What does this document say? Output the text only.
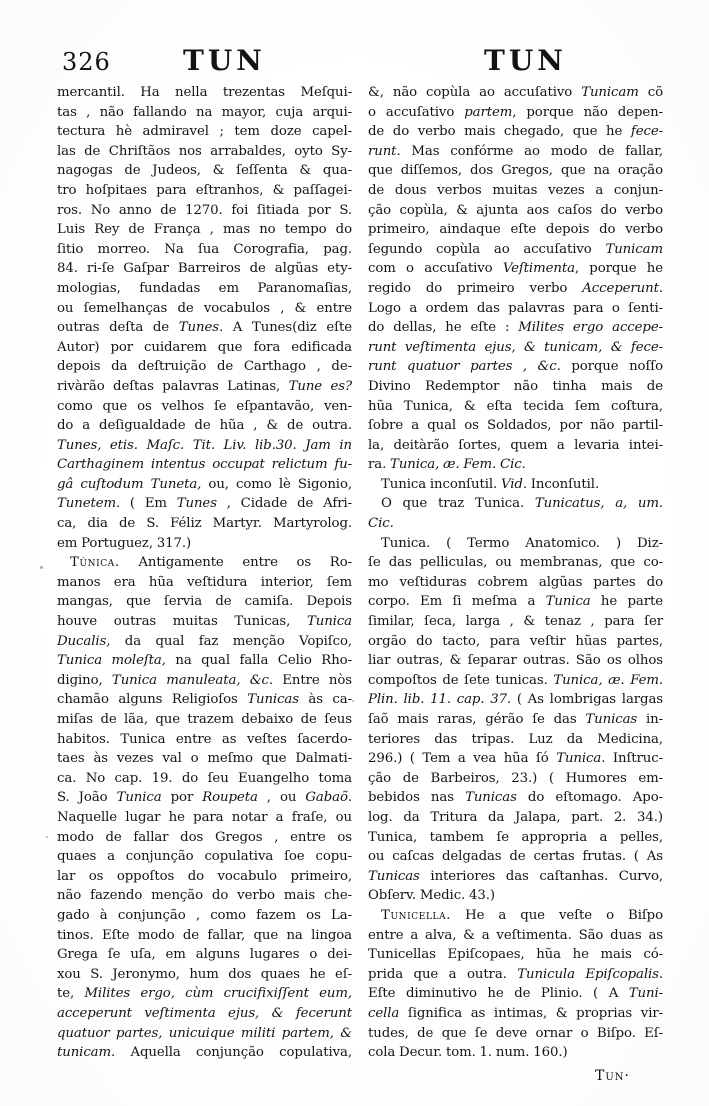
326	TUN	TUN
mercantil. Ha nella trezentas Meſqui-
tas , não fallando na mayor, cuja arqui-
tectura hè admiravel ; tem doze capel-
las de Chriſtãos nos arrabaldes, oyto Sy-
nagogas de Judeos, & ſeſſenta & qua-
tro hoſpitaes para eſtranhos, & paſſagei-
ros. No anno de 1270. foi ſitiada por S.
Luis Rey de França , mas no tempo do
ſitio morreo. Na ſua Corografia, pag.
84. ri-ſe Gaſpar Barreiros de algũas ety-
mologias, fundadas em Paranomaſias,
ou ſemelhanças de vocabulos , & entre
outras deſta de Tunes. A Tunes(diz eſte
Autor) por cuidarem que fora edificada
depois da deſtruição de Carthago , de-
rivàrão deſtas palavras Latinas, Tune es?
como que os velhos ſe eſpantavão, ven-
do a deſigualdade de hũa , & de outra.
Tunes, etis. Maſc. Tit. Liv. lib.30. Jam in
Carthaginem intentus occupat relictum fu-
gâ cuſtodum Tuneta, ou, como lè Sigonio,
Tunetem. ( Em Tunes , Cidade de Afri-
ca, dia de S. Féliz Martyr. Martyrolog.
em Portuguez, 317.)
Tûnica. Antigamente entre os Ro-
manos era hũa veſtidura interior, ſem
mangas, que ſervia de camiſa. Depois
houve outras muitas Tunicas, Tunica
Ducalis, da qual faz menção Vopiſco,
Tunica moleſta, na qual falla Celio Rho-
digino, Tunica manuleata, &c. Entre nòs
chamão alguns Religioſos Tunicas às ca-
miſas de lãa, que trazem debaixo de ſeus
habitos. Tunica entre as veſtes ſacerdo-
taes às vezes val o meſmo que Dalmati-
ca. No cap. 19. do ſeu Euangelho toma
S. João Tunica por Roupeta , ou Gabaõ.
Naquelle lugar he para notar a fraſe, ou
modo de fallar dos Gregos , entre os
quaes a conjunção copulativa ſoe copu-
lar os oppoſtos do vocabulo primeiro,
não fazendo menção do verbo mais che-
gado à conjunção , como fazem os La-
tinos. Eſte modo de fallar, que na lingoa
Grega ſe uſa, em alguns lugares o dei-
xou S. Jeronymo, hum dos quaes he eſ-
te, Milites ergo, cùm crucifixiſſent eum,
acceperunt veſtimenta ejus, & fecerunt
quatuor partes, unicuique militi partem, &
tunicam. Aquella conjunção copulativa,
&, não copùla ao accuſativo Tunicam cõ
o accuſativo partem, porque não depen-
de do verbo mais chegado, que he fece-
runt. Mas confórme ao modo de fallar,
que diſſemos, dos Gregos, que na oração
de dous verbos muitas vezes a conjun-
ção copùla, & ajunta aos caſos do verbo
primeiro, aindaque eſte depois do verbo
ſegundo copùla ao accuſativo Tunicam
com o accuſativo Veſtimenta, porque he
regido do primeiro verbo Acceperunt.
Logo a ordem das palavras para o ſenti-
do dellas, he eſte : Milites ergo accepe-
runt veſtimenta ejus, & tunicam, & fece-
runt quatuor partes , &c. porque noſſo
Divino Redemptor não tinha mais de
hũa Tunica, & eſta tecida ſem coſtura,
ſobre a qual os Soldados, por não partil-
la, deitàrão ſortes, quem a levaria intei-
ra. Tunica, æ. Fem. Cic.
Tunica inconſutil. Vid. Inconſutil.
O que traz Tunica. Tunicatus, a, um.
Cic.
Tunica. ( Termo Anatomico. ) Diz-
ſe das pelliculas, ou membranas, que co-
mo veſtiduras cobrem algũas partes do
corpo. Em ſi meſma a Tunica he parte
ſimilar, ſeca, larga , & tenaz , para ſer
orgão do tacto, para veſtir hũas partes,
liar outras, & ſeparar outras. São os olhos
compoſtos de ſete tunicas. Tunica, æ. Fem.
Plin. lib. 11. cap. 37. ( As lombrigas largas
ſaõ mais raras, gérão ſe das Tunicas in-
teriores das tripas. Luz da Medicina,
296.) ( Tem a vea hũa ſó Tunica. Inſtruc-
ção de Barbeiros, 23.) ( Humores em-
bebidos nas Tunicas do eſtomago. Apo-
log. da Tritura da Jalapa, part. 2. 34.)
Tunica, tambem ſe appropria a pelles,
ou caſcas delgadas de certas frutas. ( As
Tunicas interiores das caſtanhas. Curvo,
Obſerv. Medic. 43.)
Tunicella. He a que veſte o Biſpo
entre a alva, & a veſtimenta. São duas as
Tunicellas Epiſcopaes, hũa he mais có-
prida que a outra. Tunicula Epiſcopalis.
Eſte diminutivo he de Plinio. ( A Tuni-
cella ſignifica as intimas, & proprias vir-
tudes, de que ſe deve ornar o Biſpo. Eſ-
cola Decur. tom. 1. num. 160.)
Tun·
